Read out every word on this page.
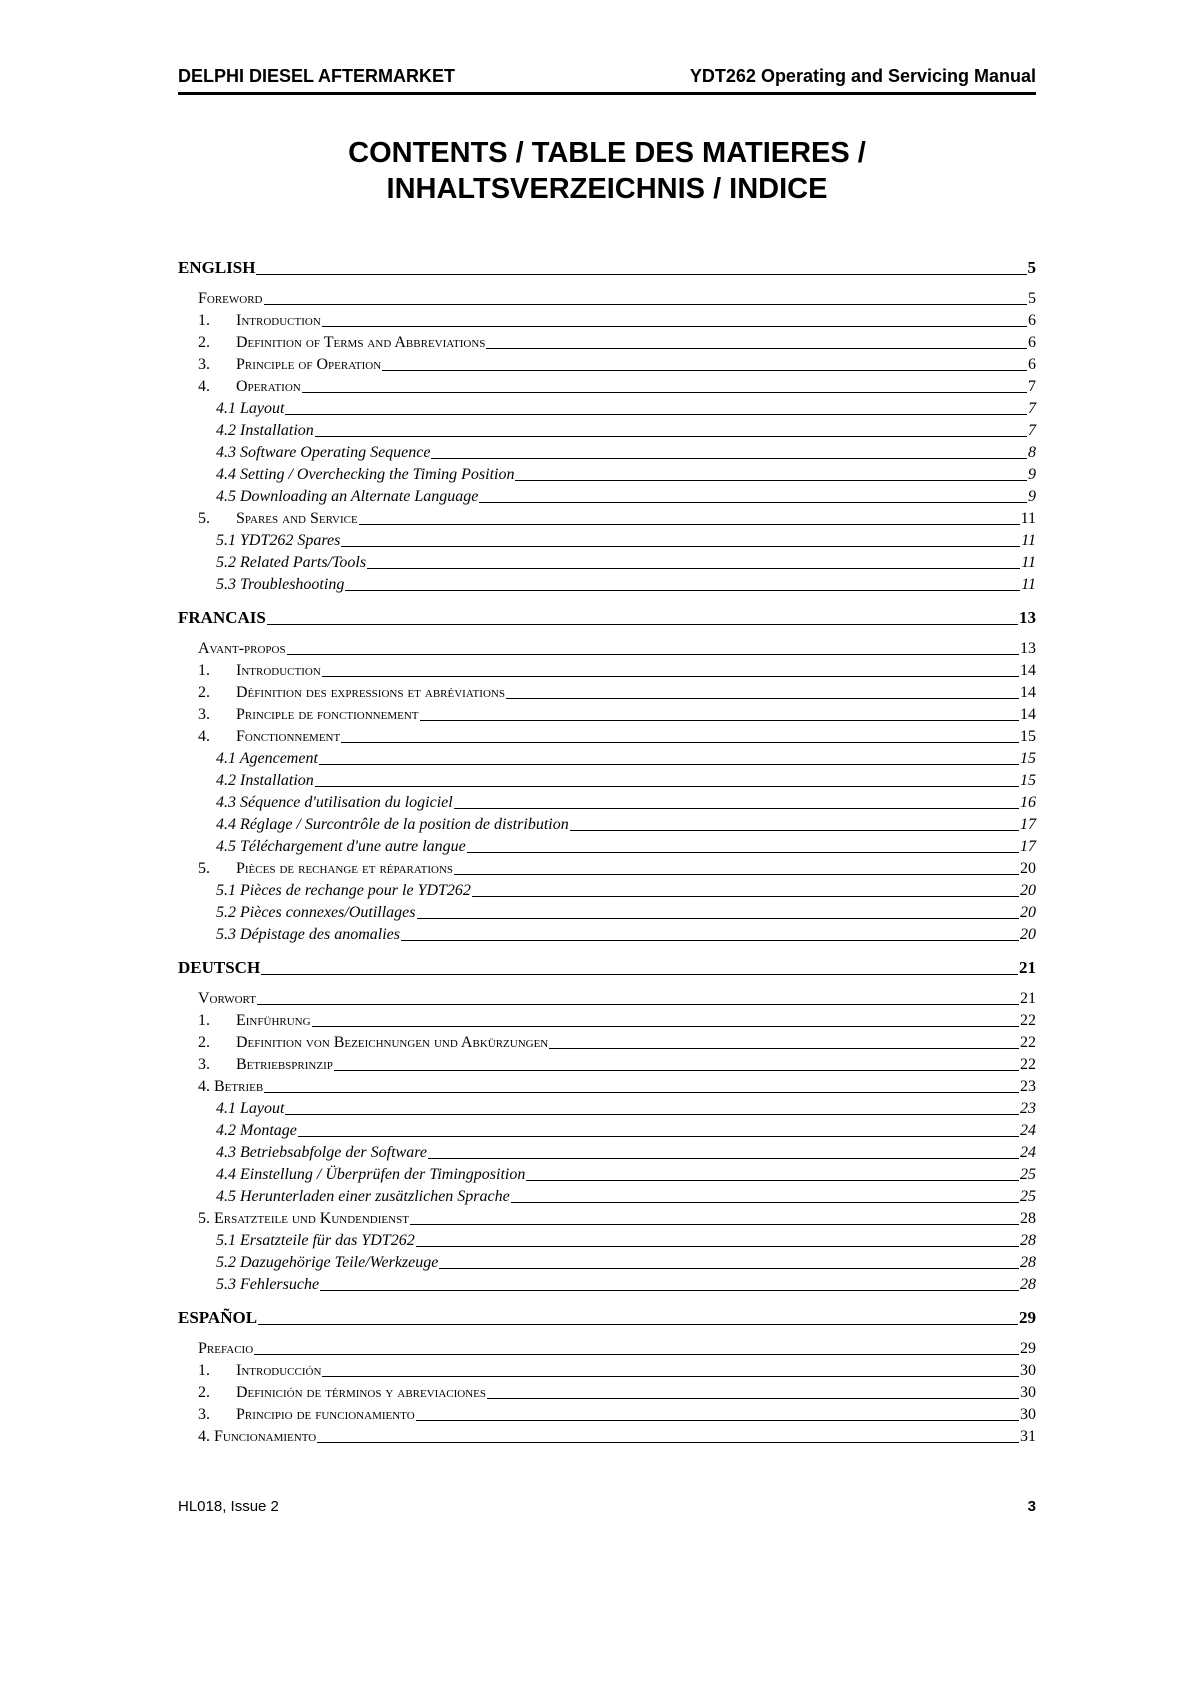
DELPHI DIESEL AFTERMARKET	YDT262 Operating and Servicing Manual
CONTENTS / TABLE DES MATIERES /
INHALTSVERZEICHNIS / INDICE
ENGLISH	5
Foreword	5
1.	Introduction	6
2.	Definition of Terms and Abbreviations	6
3.	Principle of Operation	6
4.	Operation	7
4.1 Layout	7
4.2 Installation	7
4.3 Software Operating Sequence	8
4.4 Setting / Overchecking the Timing Position	9
4.5 Downloading an Alternate Language	9
5.	Spares and Service	11
5.1 YDT262 Spares	11
5.2 Related Parts/Tools	11
5.3 Troubleshooting	11
FRANCAIS	13
Avant-propos	13
1.	Introduction	14
2.	Définition des expressions et abréviations	14
3.	Principle de fonctionnement	14
4.	Fonctionnement	15
4.1 Agencement	15
4.2 Installation	15
4.3 Séquence d'utilisation du logiciel	16
4.4 Réglage / Surcontrôle de la position de distribution	17
4.5 Téléchargement d'une autre langue	17
5.	Pièces de rechange et réparations	20
5.1 Pièces de rechange pour le YDT262	20
5.2 Pièces connexes/Outillages	20
5.3 Dépistage des anomalies	20
DEUTSCH	21
Vorwort	21
1.	Einführung	22
2.	Definition von Bezeichnungen und Abkürzungen	22
3.	Betriebsprinzip	22
4. Betrieb	23
4.1 Layout	23
4.2 Montage	24
4.3 Betriebsabfolge der Software	24
4.4 Einstellung / Überprüfen der Timingposition	25
4.5 Herunterladen einer zusätzlichen Sprache	25
5. Ersatzteile und Kundendienst	28
5.1 Ersatzteile für das YDT262	28
5.2 Dazugehörige Teile/Werkzeuge	28
5.3 Fehlersuche	28
ESPAÑOL	29
Prefacio	29
1.	Introducción	30
2.	Definición de términos y abreviaciones	30
3.	Principio de funcionamiento	30
4. Funcionamiento	31
HL018, Issue 2	3
